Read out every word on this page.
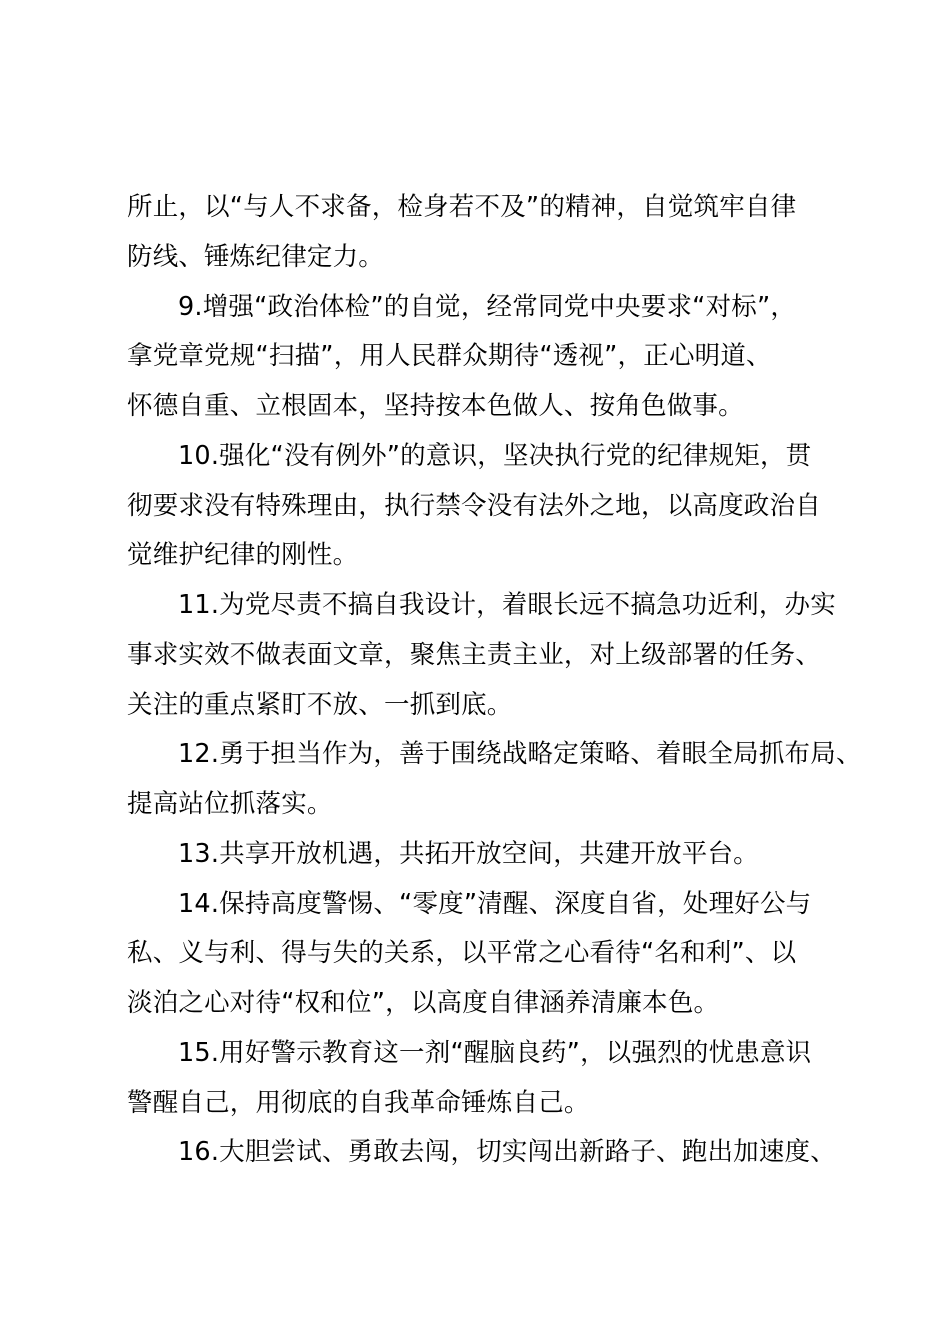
所止，以“与人不求备，检身若不及”的精神，自觉筑牢自律
防线、锤炼纪律定力。
9.增强“政治体检”的自觉，经常同党中央要求“对标”，
拿党章党规“扫描”，用人民群众期待“透视”，正心明道、
怀德自重、立根固本，坚持按本色做人、按角色做事。
10.强化“没有例外”的意识，坚决执行党的纪律规矩，贯
彻要求没有特殊理由，执行禁令没有法外之地，以高度政治自
觉维护纪律的刚性。
11.为党尽责不搞自我设计，着眼长远不搞急功近利，办实
事求实效不做表面文章，聚焦主责主业，对上级部署的任务、
关注的重点紧盯不放、一抓到底。
12.勇于担当作为，善于围绕战略定策略、着眼全局抓布局、
提高站位抓落实。
13.共享开放机遇，共拓开放空间，共建开放平台。
14.保持高度警惕、“零度”清醒、深度自省，处理好公与
私、义与利、得与失的关系，以平常之心看待“名和利”、以
淡泊之心对待“权和位”，以高度自律涵养清廉本色。
15.用好警示教育这一剂“醒脑良药”，以强烈的忧患意识
警醒自己，用彻底的自我革命锤炼自己。
16.大胆尝试、勇敢去闯，切实闯出新路子、跑出加速度、
